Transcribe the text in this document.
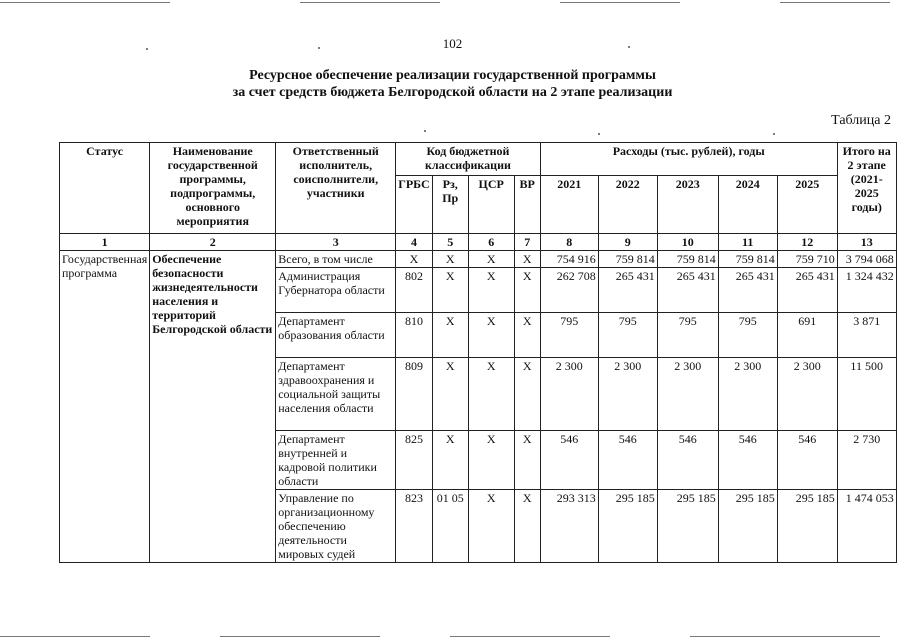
102
Ресурсное обеспечение реализации государственной программы
за счет средств бюджета Белгородской области на 2 этапе реализации
Таблица 2
Статус	Наименование государственной программы, подпрограммы, основного мероприятия	Ответственный исполнитель, соисполнители, участники	Код бюджетной классификации				Расходы (тыс. рублей), годы					Итого на 2 этапе (2021-2025 годы)
			ГРБС	Рз, Пр	ЦСР	ВР	2021	2022	2023	2024	2025	
1	2	3	4	5	6	7	8	9	10	11	12	13
Государственная программа	Обеспечение безопасности жизнедеятельности населения и территорий Белгородской области	Всего, в том числе	Х	Х	Х	Х	754 916	759 814	759 814	759 814	759 710	3 794 068
		Администрация Губернатора области	802	Х	Х	Х	262 708	265 431	265 431	265 431	265 431	1 324 432
		Департамент образования области	810	Х	Х	Х	795	795	795	795	691	3 871
		Департамент здравоохранения и социальной защиты населения области	809	Х	Х	Х	2 300	2 300	2 300	2 300	2 300	11 500
		Департамент внутренней и кадровой политики области	825	Х	Х	Х	546	546	546	546	546	2 730
		Управление по организационному обеспечению деятельности мировых судей	823	01 05	Х	Х	293 313	295 185	295 185	295 185	295 185	1 474 053
